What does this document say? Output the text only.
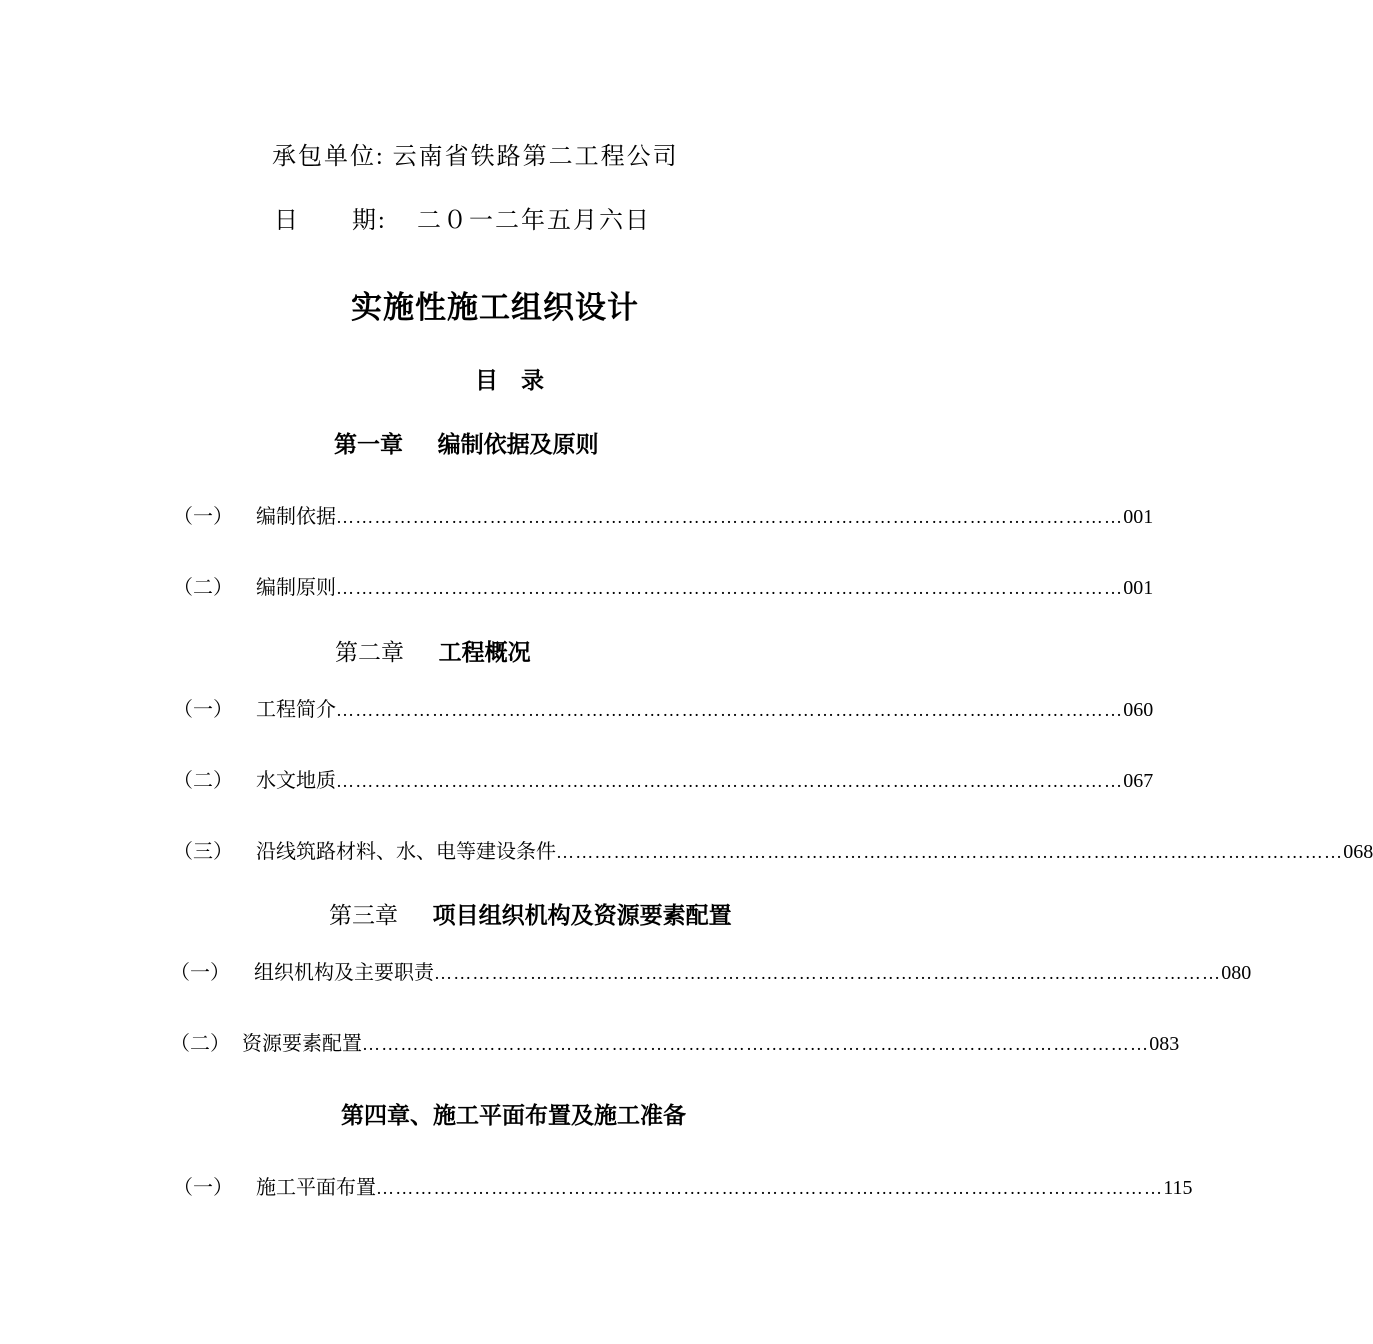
承包单位: 云南省铁路第二工程公司
日　　期: 二０一二年五月六日
实施性施工组织设计
目　录
第一章 编制依据及原则
（一）	编制依据 …………………………………………………………………………………………………………… 001
（二）	编制原则 …………………………………………………………………………………………………………… 001
第二章 工程概况
（一）	工程简介 …………………………………………………………………………………………………………… 060
（二）	水文地质 …………………………………………………………………………………………………………… 067
（三）	沿线筑路材料、水、电等建设条件 …………………………………………………………………………………………………………… 068
第三章 项目组织机构及资源要素配置
（一）	组织机构及主要职责 …………………………………………………………………………………………………………… 080
（二） 资源要素配置 …………………………………………………………………………………………………………… 083
第四章、施工平面布置及施工准备
（一）	施工平面布置 …………………………………………………………………………………………………………… 115
